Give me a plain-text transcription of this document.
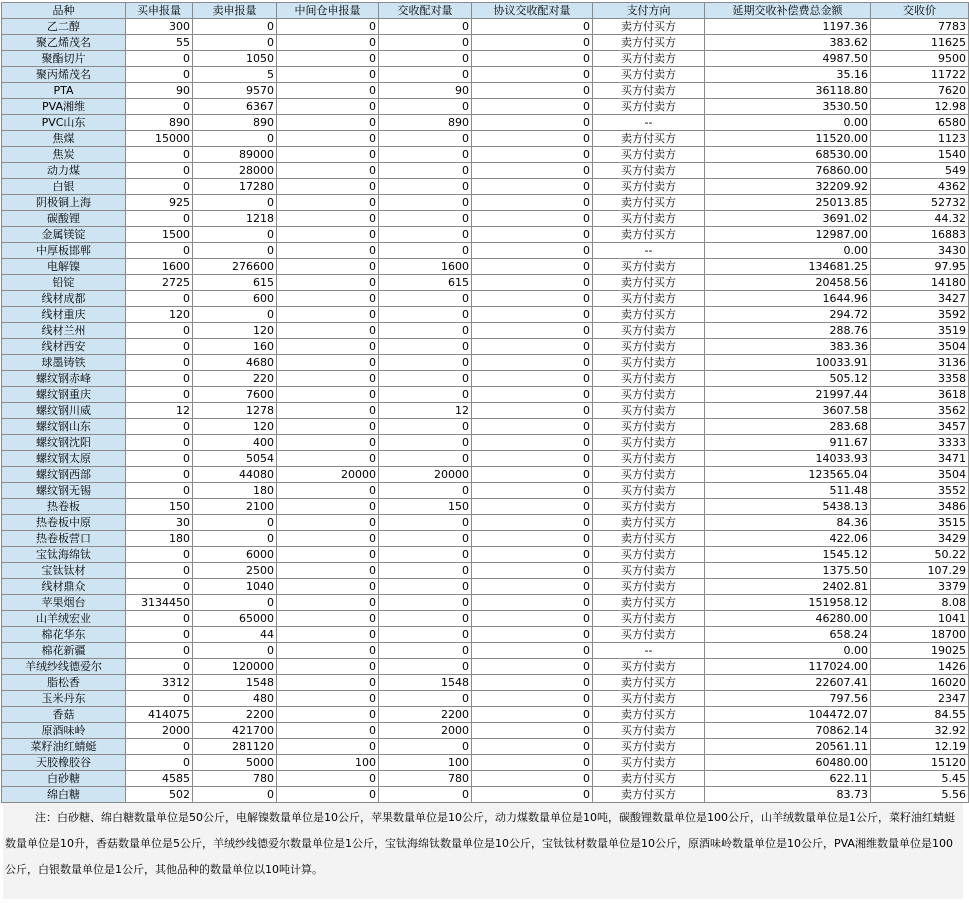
品种	买申报量	卖申报量	中间仓申报量	交收配对量	协议交收配对量	支付方向	延期交收补偿费总金额	交收价
乙二醇	300	0	0	0	0	卖方付买方	1197.36	7783
聚乙烯茂名	55	0	0	0	0	卖方付买方	383.62	11625
聚酯切片	0	1050	0	0	0	买方付卖方	4987.50	9500
聚丙烯茂名	0	5	0	0	0	买方付卖方	35.16	11722
PTA	90	9570	0	90	0	买方付卖方	36118.80	7620
PVA湘维	0	6367	0	0	0	买方付卖方	3530.50	12.98
PVC山东	890	890	0	890	0	--	0.00	6580
焦煤	15000	0	0	0	0	卖方付买方	11520.00	1123
焦炭	0	89000	0	0	0	买方付卖方	68530.00	1540
动力煤	0	28000	0	0	0	买方付卖方	76860.00	549
白银	0	17280	0	0	0	买方付卖方	32209.92	4362
阴极铜上海	925	0	0	0	0	卖方付买方	25013.85	52732
碳酸锂	0	1218	0	0	0	买方付卖方	3691.02	44.32
金属镁锭	1500	0	0	0	0	卖方付买方	12987.00	16883
中厚板邯郸	0	0	0	0	0	--	0.00	3430
电解镍	1600	276600	0	1600	0	买方付卖方	134681.25	97.95
铅锭	2725	615	0	615	0	卖方付买方	20458.56	14180
线材成都	0	600	0	0	0	买方付卖方	1644.96	3427
线材重庆	120	0	0	0	0	卖方付买方	294.72	3592
线材兰州	0	120	0	0	0	买方付卖方	288.76	3519
线材西安	0	160	0	0	0	买方付卖方	383.36	3504
球墨铸铁	0	4680	0	0	0	买方付卖方	10033.91	3136
螺纹钢赤峰	0	220	0	0	0	买方付卖方	505.12	3358
螺纹钢重庆	0	7600	0	0	0	买方付卖方	21997.44	3618
螺纹钢川威	12	1278	0	12	0	买方付卖方	3607.58	3562
螺纹钢山东	0	120	0	0	0	买方付卖方	283.68	3457
螺纹钢沈阳	0	400	0	0	0	买方付卖方	911.67	3333
螺纹钢太原	0	5054	0	0	0	买方付卖方	14033.93	3471
螺纹钢西部	0	44080	20000	20000	0	买方付卖方	123565.04	3504
螺纹钢无锡	0	180	0	0	0	买方付卖方	511.48	3552
热卷板	150	2100	0	150	0	买方付卖方	5438.13	3486
热卷板中原	30	0	0	0	0	卖方付买方	84.36	3515
热卷板营口	180	0	0	0	0	卖方付买方	422.06	3429
宝钛海绵钛	0	6000	0	0	0	买方付卖方	1545.12	50.22
宝钛钛材	0	2500	0	0	0	买方付卖方	1375.50	107.29
线材鼎众	0	1040	0	0	0	买方付卖方	2402.81	3379
苹果烟台	3134450	0	0	0	0	卖方付买方	151958.12	8.08
山羊绒宏业	0	65000	0	0	0	买方付卖方	46280.00	1041
棉花华东	0	44	0	0	0	买方付卖方	658.24	18700
棉花新疆	0	0	0	0	0	--	0.00	19025
羊绒纱线德爱尔	0	120000	0	0	0	买方付卖方	117024.00	1426
脂松香	3312	1548	0	1548	0	卖方付买方	22607.41	16020
玉米丹东	0	480	0	0	0	买方付卖方	797.56	2347
香菇	414075	2200	0	2200	0	卖方付买方	104472.07	84.55
原酒味岭	2000	421700	0	2000	0	买方付卖方	70862.14	32.92
菜籽油红蜻蜓	0	281120	0	0	0	买方付卖方	20561.11	12.19
天胶橡胶谷	0	5000	100	100	0	买方付卖方	60480.00	15120
白砂糖	4585	780	0	780	0	卖方付买方	622.11	5.45
绵白糖	502	0	0	0	0	卖方付买方	83.73	5.56
注：白砂糖、绵白糖数量单位是50公斤，电解镍数量单位是10公斤，苹果数量单位是10公斤，动力煤数量单位是10吨，碳酸锂数量单位是100公斤，山羊绒数量单位是1公斤，菜籽油红蜻蜓数量单位是10升，香菇数量单位是5公斤，羊绒纱线德爱尔数量单位是1公斤，宝钛海绵钛数量单位是10公斤，宝钛钛材数量单位是10公斤，原酒味岭数量单位是10公斤，PVA湘维数量单位是100公斤，白银数量单位是1公斤，其他品种的数量单位以10吨计算。
